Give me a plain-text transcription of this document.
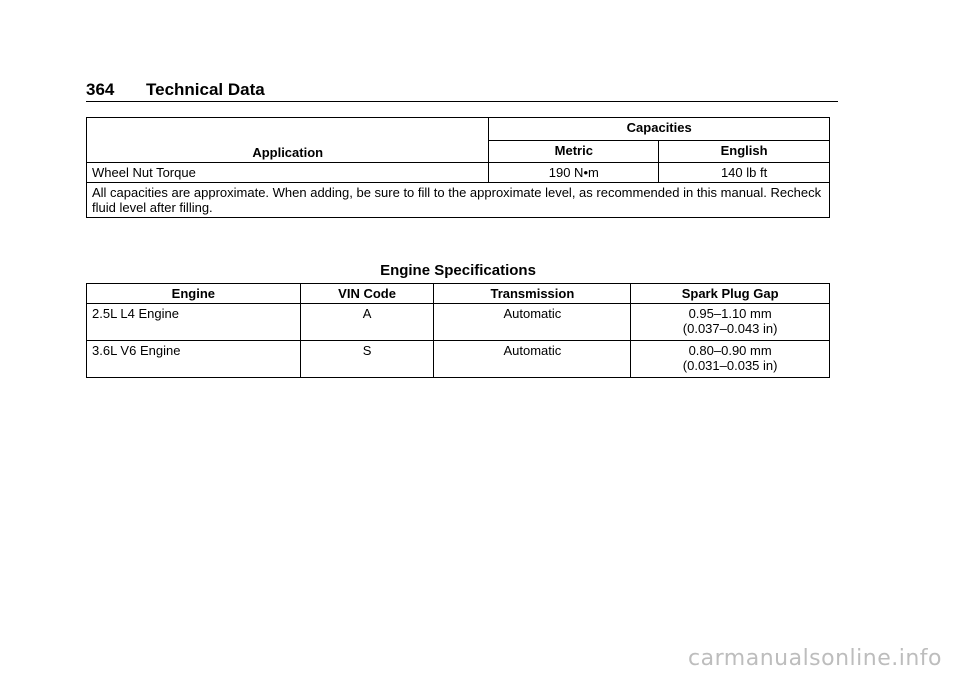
364	Technical Data
Application	Capacities	
	Metric	English
Wheel Nut Torque	190 N•m	140 lb ft
All capacities are approximate. When adding, be sure to fill to the approximate level, as recommended in this manual. Recheck fluid level after filling.		
Engine Specifications
Engine	VIN Code	Transmission	Spark Plug Gap
2.5L L4 Engine	A	Automatic	0.95–1.10 mm
(0.037–0.043 in)

3.6L V6 Engine	S	Automatic	0.80–0.90 mm
(0.031–0.035 in)
carmanualsonline.info
